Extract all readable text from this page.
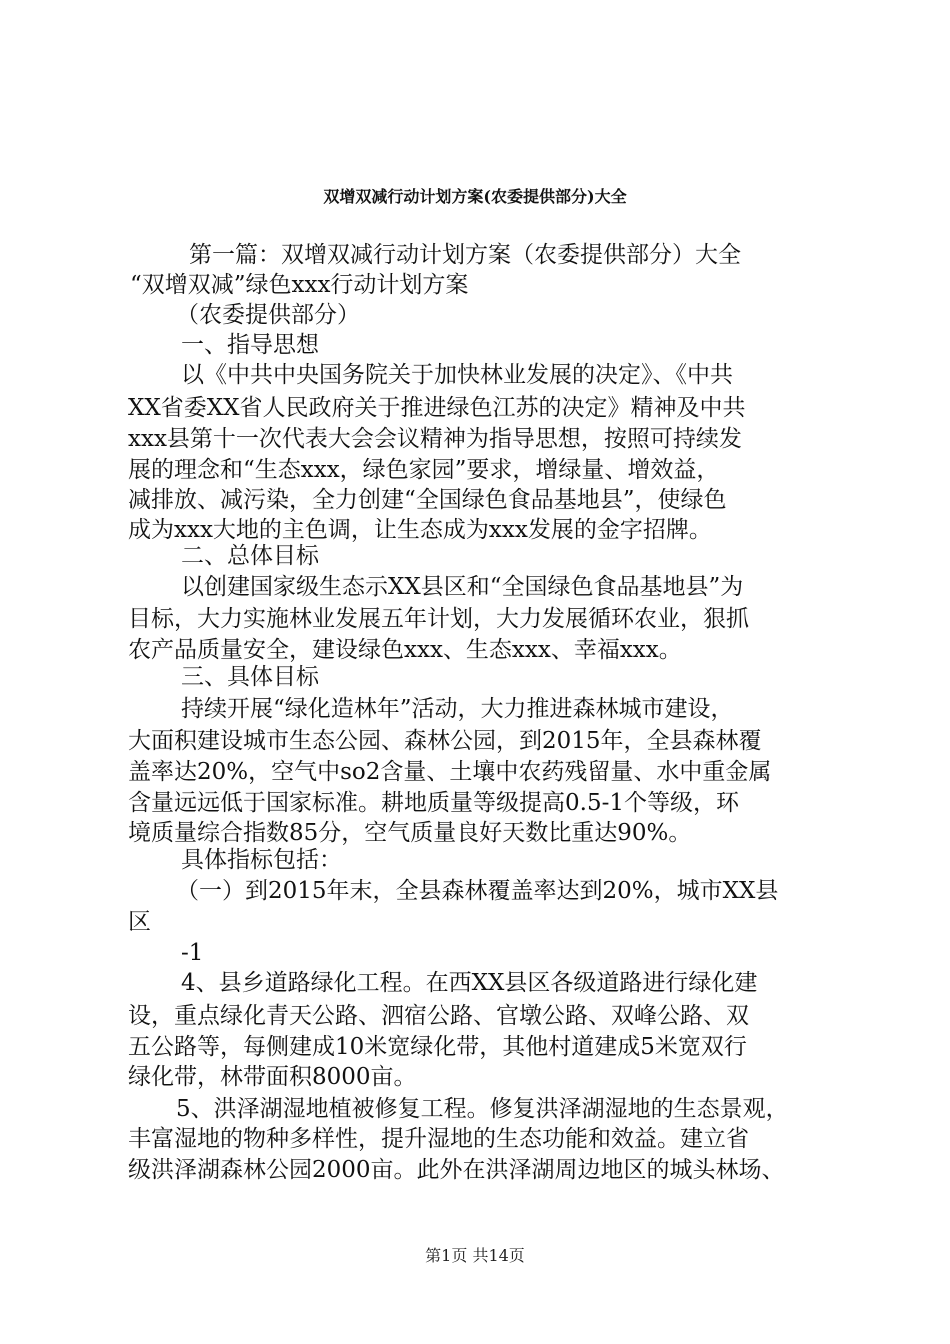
双增双减行动计划方案(农委提供部分)大全
第一篇：双增双减行动计划方案（农委提供部分）大全
“双增双减”绿色xxx行动计划方案
（农委提供部分）
一、指导思想
以《中共中央国务院关于加快林业发展的决定》、《中共
XX省委XX省人民政府关于推进绿色江苏的决定》精神及中共
xxx县第十一次代表大会会议精神为指导思想，按照可持续发
展的理念和“生态xxx，绿色家园”要求，增绿量、增效益，
减排放、减污染，全力创建“全国绿色食品基地县”，使绿色
成为xxx大地的主色调，让生态成为xxx发展的金字招牌。
二、总体目标
以创建国家级生态示XX县区和“全国绿色食品基地县”为
目标，大力实施林业发展五年计划，大力发展循环农业，狠抓
农产品质量安全，建设绿色xxx、生态xxx、幸福xxx。
三、具体目标
持续开展“绿化造林年”活动，大力推进森林城市建设，
大面积建设城市生态公园、森林公园，到2015年，全县森林覆
盖率达20%，空气中so2含量、土壤中农药残留量、水中重金属
含量远远低于国家标准。耕地质量等级提高0.5-1个等级，环
境质量综合指数85分，空气质量良好天数比重达90%。
具体指标包括：
（一）到2015年末，全县森林覆盖率达到20%，城市XX县
区
-1
4、县乡道路绿化工程。在西XX县区各级道路进行绿化建
设，重点绿化青天公路、泗宿公路、官墩公路、双峰公路、双
五公路等，每侧建成10米宽绿化带，其他村道建成5米宽双行
绿化带，林带面积8000亩。
5、洪泽湖湿地植被修复工程。修复洪泽湖湿地的生态景观，
丰富湿地的物种多样性，提升湿地的生态功能和效益。建立省
级洪泽湖森林公园2000亩。此外在洪泽湖周边地区的城头林场、
第1页 共14页
